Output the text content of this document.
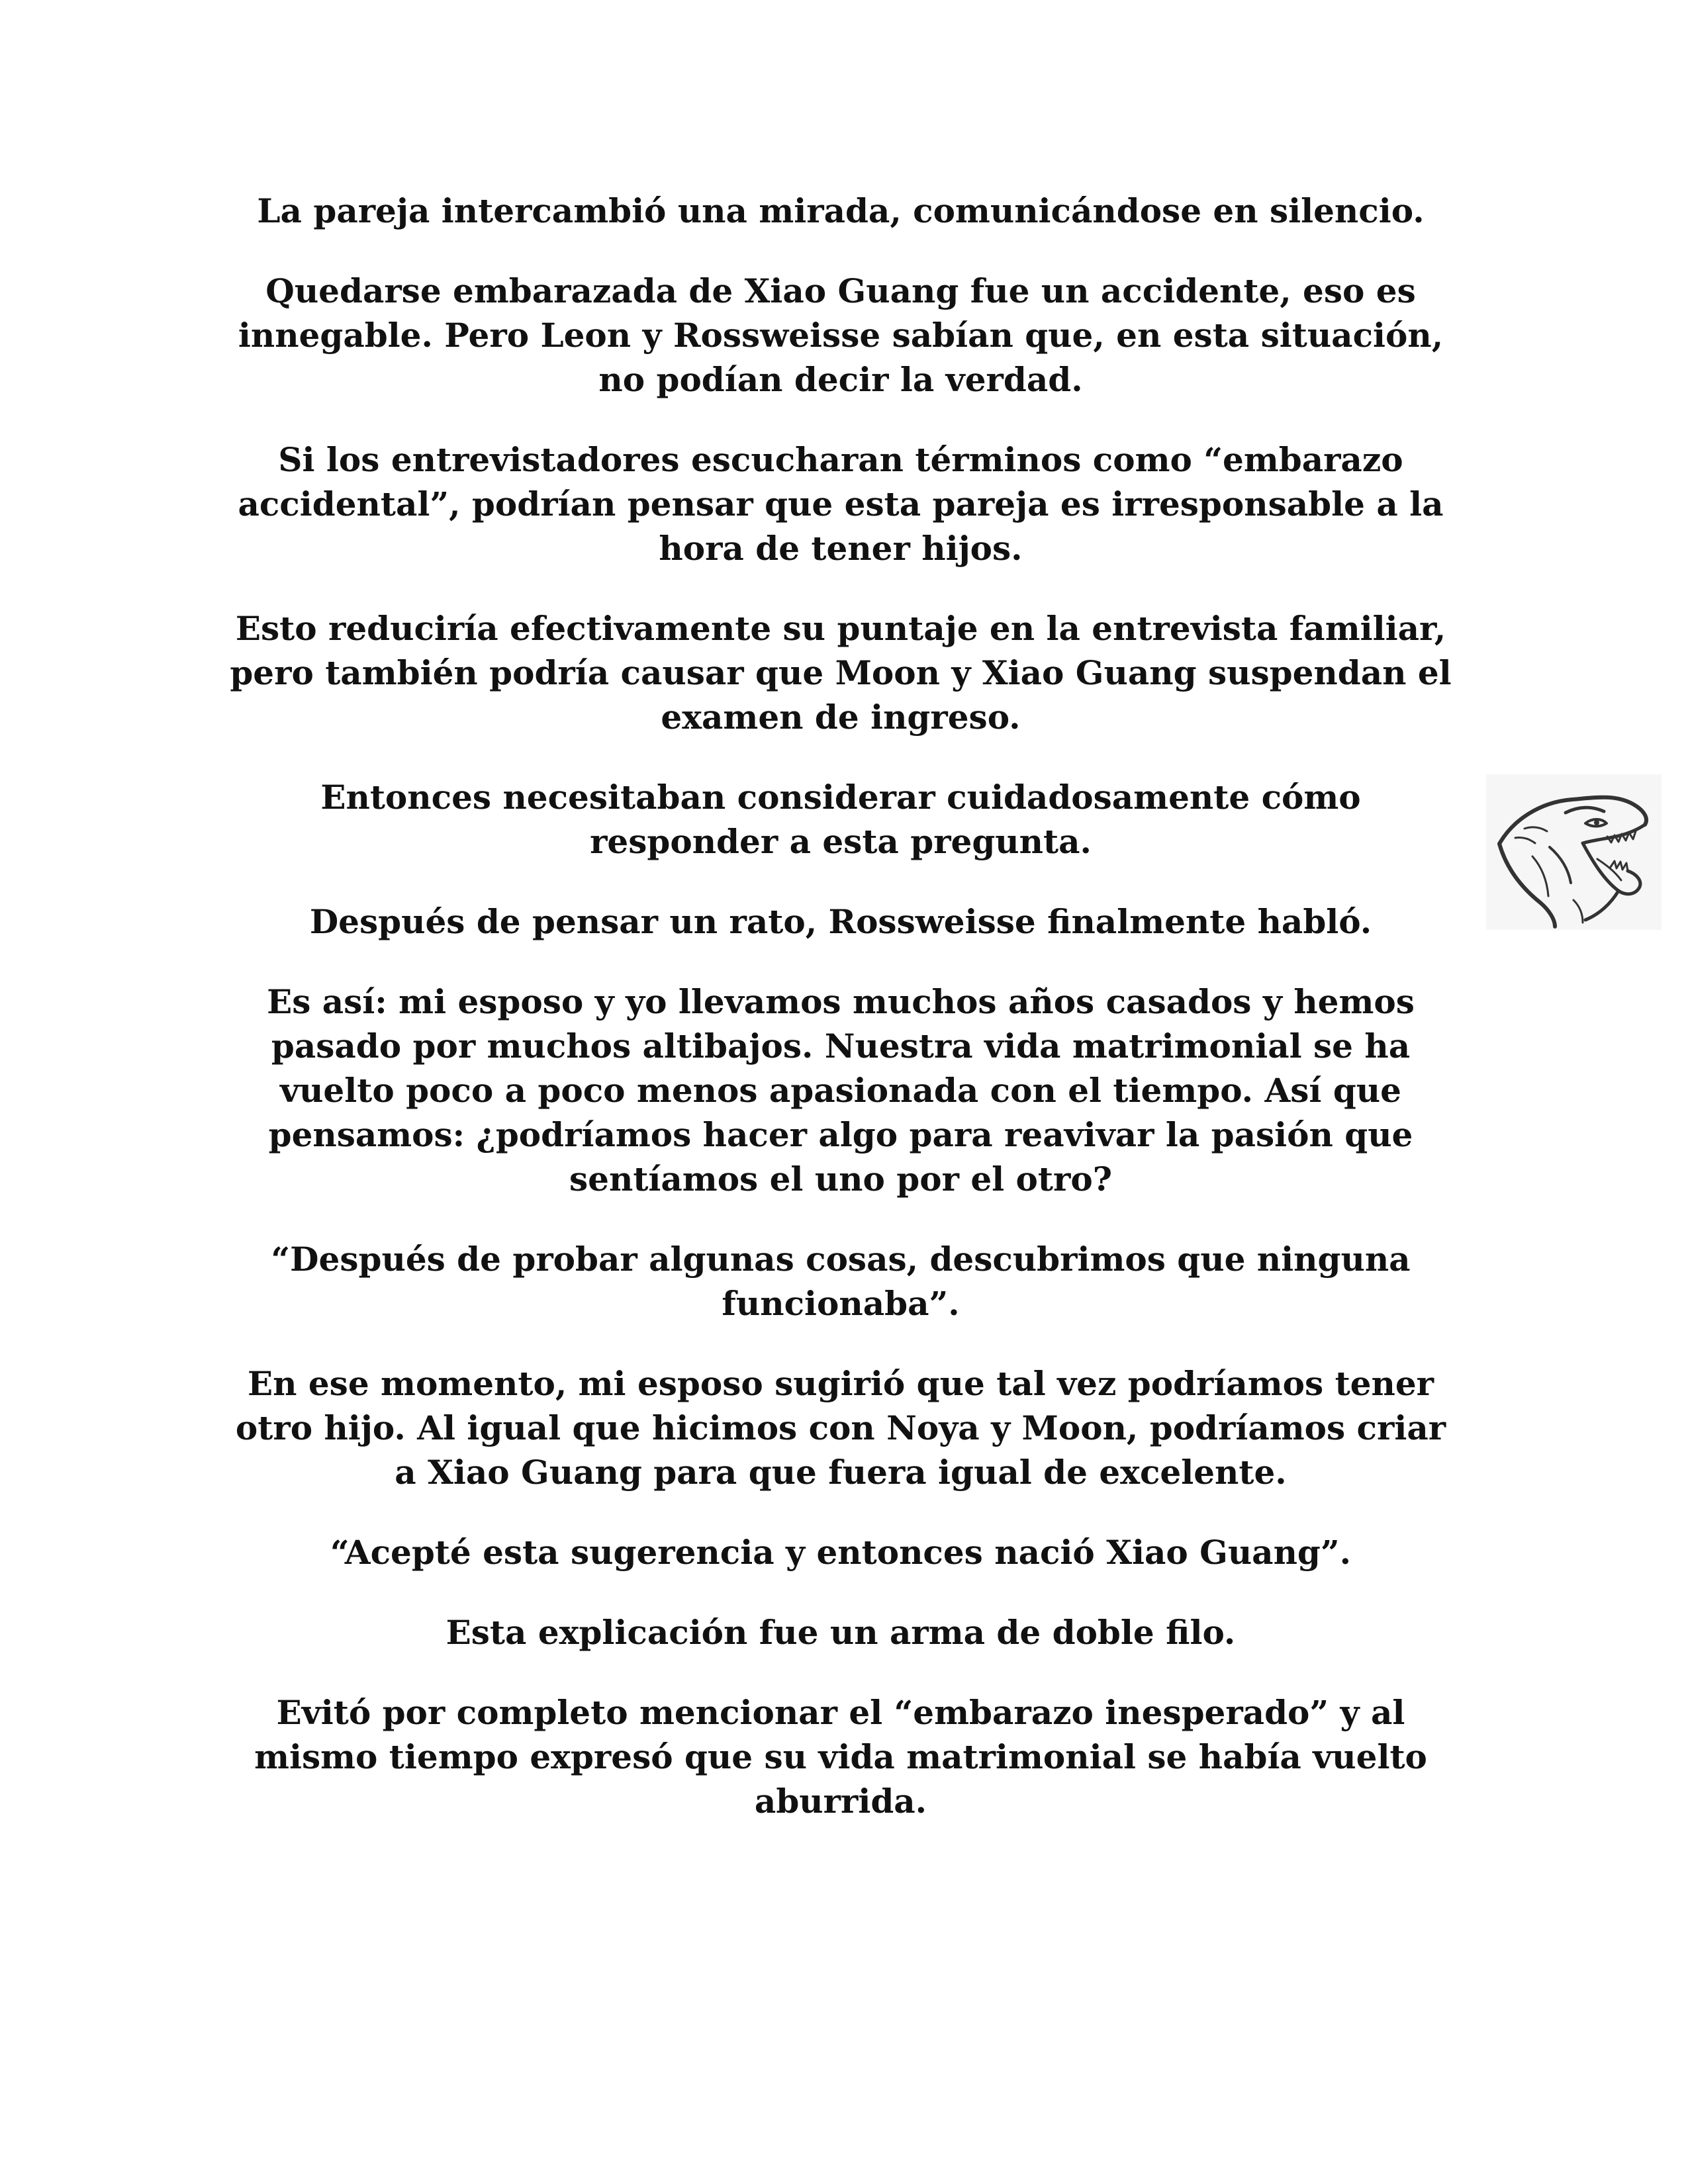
La pareja intercambió una mirada, comunicándose en silencio.

Quedarse embarazada de Xiao Guang fue un accidente, eso es innegable. Pero Leon y Rossweisse sabían que, en esta situación, no podían decir la verdad.

Si los entrevistadores escucharan términos como “embarazo accidental”, podrían pensar que esta pareja es irresponsable a la hora de tener hijos.

Esto reduciría efectivamente su puntaje en la entrevista familiar, pero también podría causar que Moon y Xiao Guang suspendan el examen de ingreso.

Entonces necesitaban considerar cuidadosamente cómo responder a esta pregunta.

Después de pensar un rato, Rossweisse finalmente habló.

Es así: mi esposo y yo llevamos muchos años casados y hemos pasado por muchos altibajos. Nuestra vida matrimonial se ha vuelto poco a poco menos apasionada con el tiempo. Así que pensamos: ¿podríamos hacer algo para reavivar la pasión que sentíamos el uno por el otro?

“Después de probar algunas cosas, descubrimos que ninguna funcionaba”.

En ese momento, mi esposo sugirió que tal vez podríamos tener otro hijo. Al igual que hicimos con Noya y Moon, podríamos criar a Xiao Guang para que fuera igual de excelente.

“Acepté esta sugerencia y entonces nació Xiao Guang”.

Esta explicación fue un arma de doble filo.

Evitó por completo mencionar el “embarazo inesperado” y al mismo tiempo expresó que su vida matrimonial se había vuelto aburrida.
